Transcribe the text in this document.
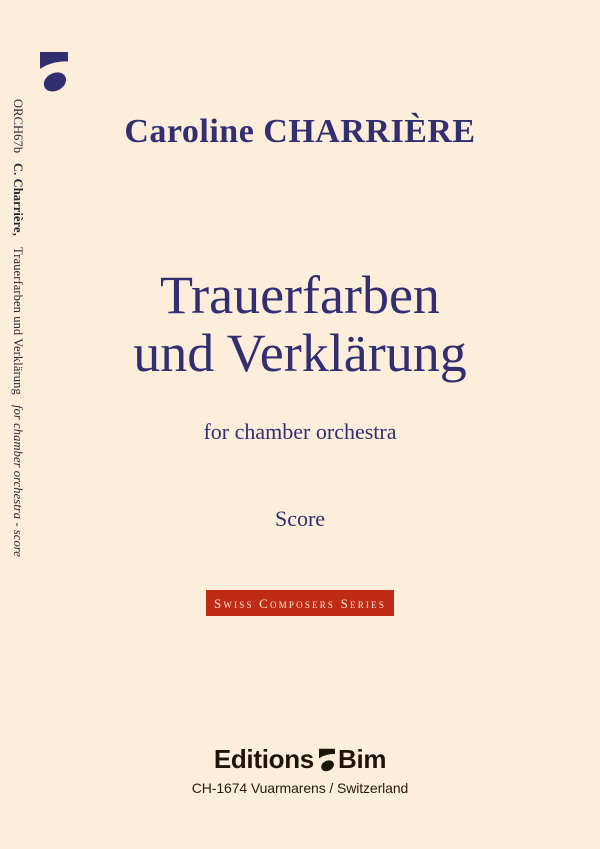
ORCH67b C. Charrière, Trauerfarben und Verklärung for chamber orchestra - score
Caroline CHARRIÈRE
Trauerfarben
und Verklärung
for chamber orchestra
Score
Swiss Composers Series
Editions Bim
CH-1674 Vuarmarens / Switzerland
